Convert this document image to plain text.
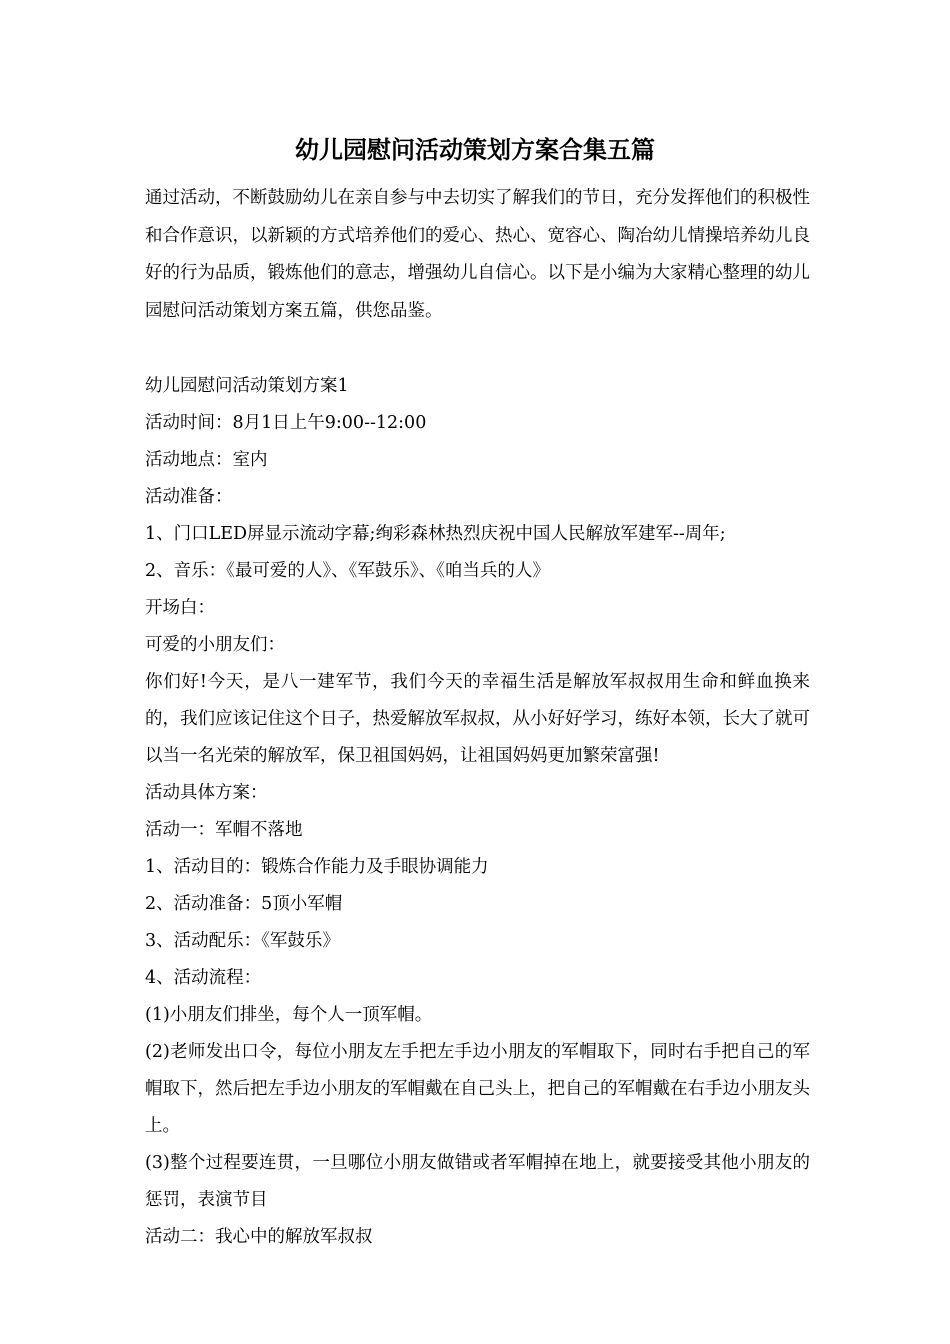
幼儿园慰问活动策划方案合集五篇

通过活动，不断鼓励幼儿在亲自参与中去切实了解我们的节日，充分发挥他们的积极性和合作意识，以新颖的方式培养他们的爱心、热心、宽容心、陶冶幼儿情操培养幼儿良好的行为品质，锻炼他们的意志，增强幼儿自信心。以下是小编为大家精心整理的幼儿园慰问活动策划方案五篇，供您品鉴。

幼儿园慰问活动策划方案1

活动时间：8月1日上午9:00--12:00

活动地点：室内

活动准备：

1、门口LED屏显示流动字幕;绚彩森林热烈庆祝中国人民解放军建军--周年;

2、音乐：《最可爱的人》、《军鼓乐》、《咱当兵的人》

开场白：

可爱的小朋友们：

你们好!今天，是八一建军节，我们今天的幸福生活是解放军叔叔用生命和鲜血换来的，我们应该记住这个日子，热爱解放军叔叔，从小好好学习，练好本领，长大了就可以当一名光荣的解放军，保卫祖国妈妈，让祖国妈妈更加繁荣富强!

活动具体方案：

活动一：军帽不落地

1、活动目的：锻炼合作能力及手眼协调能力

2、活动准备：5顶小军帽

3、活动配乐：《军鼓乐》

4、活动流程：

(1)小朋友们排坐，每个人一顶军帽。

(2)老师发出口令，每位小朋友左手把左手边小朋友的军帽取下，同时右手把自己的军帽取下，然后把左手边小朋友的军帽戴在自己头上，把自己的军帽戴在右手边小朋友头上。

(3)整个过程要连贯，一旦哪位小朋友做错或者军帽掉在地上，就要接受其他小朋友的惩罚，表演节目

活动二：我心中的解放军叔叔
